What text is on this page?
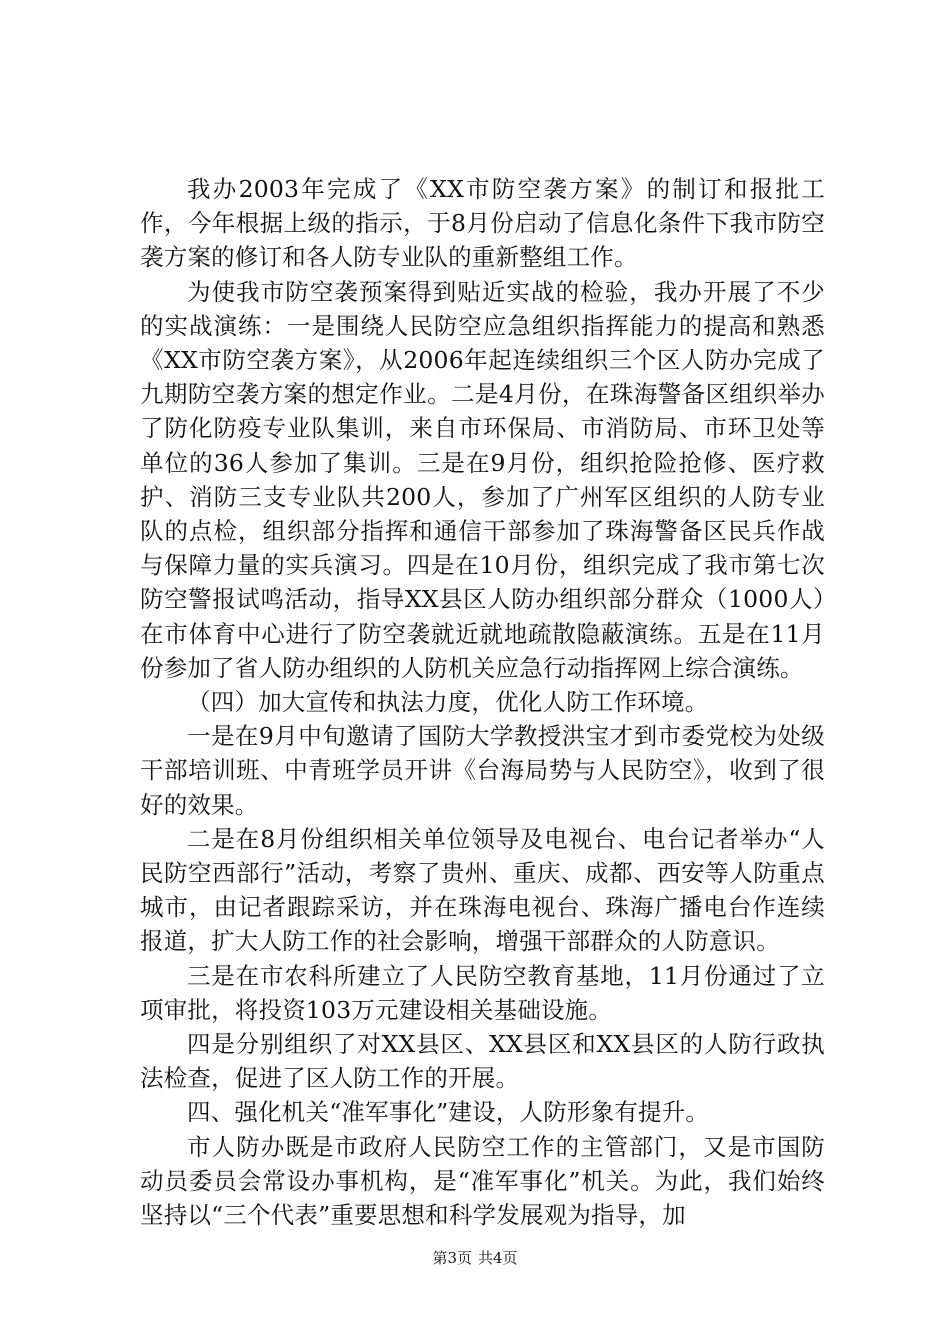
我办2003年完成了《XX市防空袭方案》的制订和报批工作，今年根据上级的指示，于8月份启动了信息化条件下我市防空袭方案的修订和各人防专业队的重新整组工作。

为使我市防空袭预案得到贴近实战的检验，我办开展了不少的实战演练：一是围绕人民防空应急组织指挥能力的提高和熟悉《XX市防空袭方案》，从2006年起连续组织三个区人防办完成了九期防空袭方案的想定作业。二是4月份，在珠海警备区组织举办了防化防疫专业队集训，来自市环保局、市消防局、市环卫处等单位的36人参加了集训。三是在9月份，组织抢险抢修、医疗救护、消防三支专业队共200人，参加了广州军区组织的人防专业队的点检，组织部分指挥和通信干部参加了珠海警备区民兵作战与保障力量的实兵演习。四是在10月份，组织完成了我市第七次防空警报试鸣活动，指导XX县区人防办组织部分群众（1000人）在市体育中心进行了防空袭就近就地疏散隐蔽演练。五是在11月份参加了省人防办组织的人防机关应急行动指挥网上综合演练。

（四）加大宣传和执法力度，优化人防工作环境。

一是在9月中旬邀请了国防大学教授洪宝才到市委党校为处级干部培训班、中青班学员开讲《台海局势与人民防空》，收到了很好的效果。

二是在8月份组织相关单位领导及电视台、电台记者举办“人民防空西部行”活动，考察了贵州、重庆、成都、西安等人防重点城市，由记者跟踪采访，并在珠海电视台、珠海广播电台作连续报道，扩大人防工作的社会影响，增强干部群众的人防意识。

三是在市农科所建立了人民防空教育基地，11月份通过了立项审批，将投资103万元建设相关基础设施。

四是分别组织了对XX县区、XX县区和XX县区的人防行政执法检查，促进了区人防工作的开展。

四、强化机关“准军事化”建设，人防形象有提升。

市人防办既是市政府人民防空工作的主管部门，又是市国防动员委员会常设办事机构，是“准军事化”机关。为此，我们始终坚持以“三个代表”重要思想和科学发展观为指导，加

第3页 共4页
